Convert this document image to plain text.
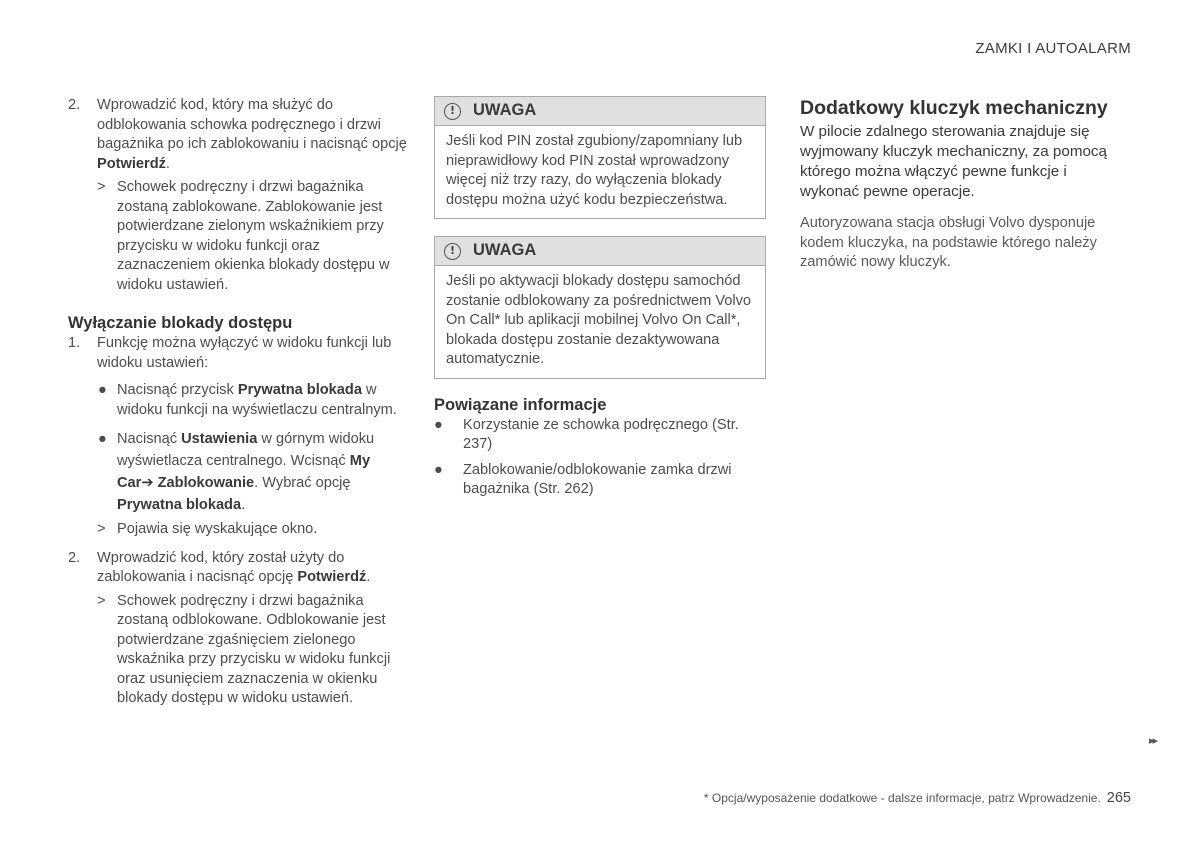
ZAMKI I AUTOALARM
2.	Wprowadzić kod, który ma służyć do odblokowania schowka podręcznego i drzwi bagażnika po ich zablokowaniu i nacisnąć opcję Potwierdź.
> Schowek podręczny i drzwi bagażnika zostaną zablokowane. Zablokowanie jest potwierdzane zielonym wskaźnikiem przy przycisku w widoku funkcji oraz zaznaczeniem okienka blokady dostępu w widoku ustawień.
Wyłączanie blokady dostępu
1.	Funkcję można wyłączyć w widoku funkcji lub widoku ustawień:
● Nacisnąć przycisk Prywatna blokada w widoku funkcji na wyświetlaczu centralnym.
● Nacisnąć Ustawienia w górnym widoku wyświetlacza centralnego. Wcisnąć My Car➔ Zablokowanie. Wybrać opcję Prywatna blokada.
> Pojawia się wyskakujące okno.
2.	Wprowadzić kod, który został użyty do zablokowania i nacisnąć opcję Potwierdź.
> Schowek podręczny i drzwi bagażnika zostaną odblokowane. Odblokowanie jest potwierdzane zgaśnięciem zielonego wskaźnika przy przycisku w widoku funkcji oraz usunięciem zaznaczenia w okienku blokady dostępu w widoku ustawień.
!	UWAGA
Jeśli kod PIN został zgubiony/zapomniany lub nieprawidłowy kod PIN został wprowadzony więcej niż trzy razy, do wyłączenia blokady dostępu można użyć kodu bezpieczeństwa.
!	UWAGA
Jeśli po aktywacji blokady dostępu samochód zostanie odblokowany za pośrednictwem Volvo On Call* lub aplikacji mobilnej Volvo On Call*, blokada dostępu zostanie dezaktywowana automatycznie.
Powiązane informacje
●	Korzystanie ze schowka podręcznego (Str. 237)
●	Zablokowanie/odblokowanie zamka drzwi bagażnika (Str. 262)
Dodatkowy kluczyk mechaniczny

W pilocie zdalnego sterowania znajduje się wyjmowany kluczyk mechaniczny, za pomocą którego można włączyć pewne funkcje i wykonać pewne operacje.

Autoryzowana stacja obsługi Volvo dysponuje kodem kluczyka, na podstawie którego należy zamówić nowy kluczyk.

▸▸
* Opcja/wyposażenie dodatkowe - dalsze informacje, patrz Wprowadzenie. 265
